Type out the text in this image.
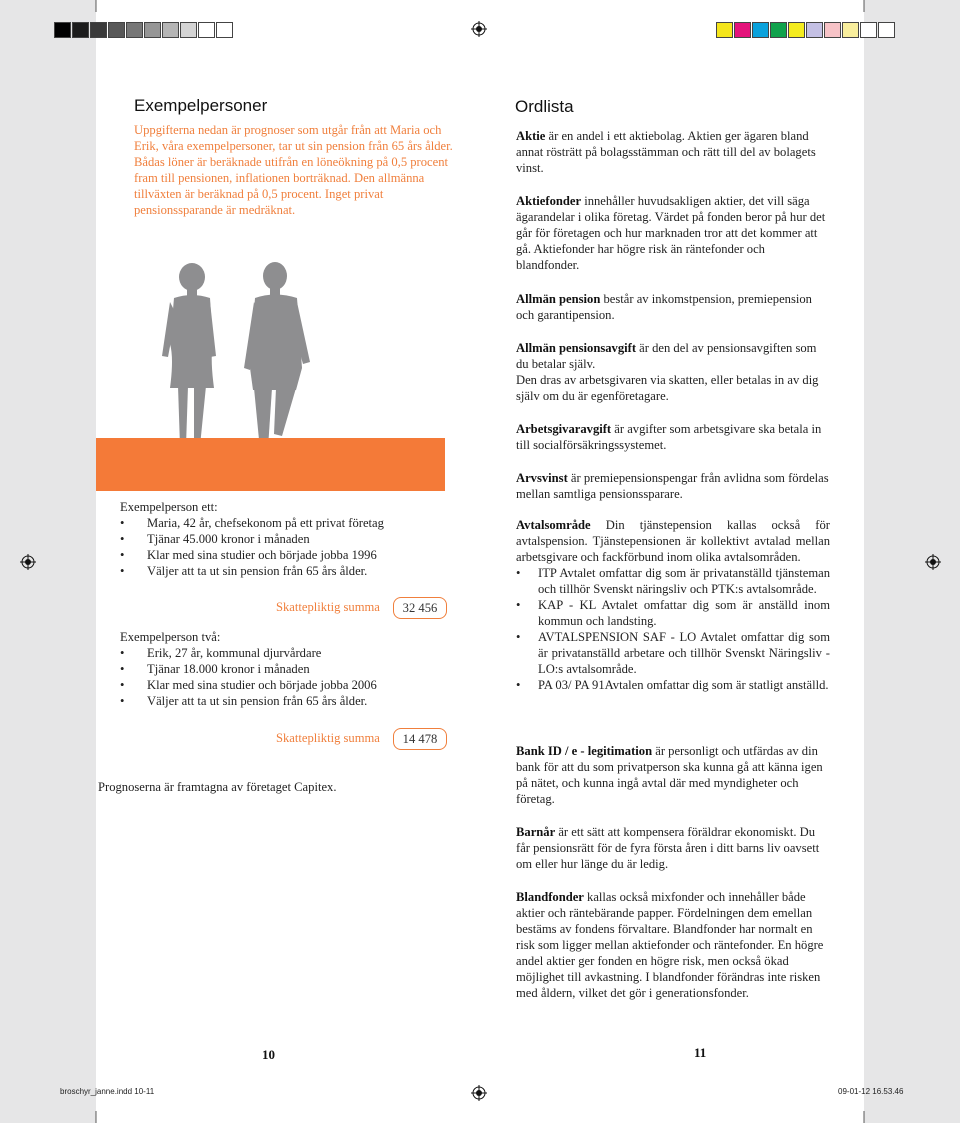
Exempelpersoner

Uppgifterna nedan är prognoser som utgår från att Maria och Erik, våra exempelpersoner, tar ut sin pension från 65 års ålder. Bådas löner är beräknade utifrån en löneökning på 0,5 procent fram till pensionen, inflationen borträknad. Den allmänna tillväxten är beräknad på 0,5 procent. Inget privat pensionssparande är medräknat.

Exempelperson ett:
• Maria, 42 år, chefsekonom på ett privat företag
• Tjänar 45.000 kronor i månaden
• Klar med sina studier och började jobba 1996
• Väljer att ta ut sin pension från 65 års ålder.
Skattepliktig summa	32 456
Exempelperson två:
• Erik, 27 år, kommunal djurvårdare
• Tjänar 18.000 kronor i månaden
• Klar med sina studier och började jobba 2006
• Väljer att ta ut sin pension från 65 års ålder.
Skattepliktig summa	14 478
Prognoserna är framtagna av företaget Capitex.
10
Ordlista
Aktie är en andel i ett aktiebolag. Aktien ger ägaren bland annat rösträtt på bolagsstämman och rätt till del av bolagets vinst.
Aktiefonder innehåller huvudsakligen aktier, det vill säga ägarandelar i olika företag. Värdet på fonden beror på hur det går för företagen och hur marknaden tror att det kommer att gå. Aktiefonder har högre risk än räntefonder och blandfonder.
Allmän pension består av inkomstpension, premiepension och garantipension.
Allmän pensionsavgift är den del av pensionsavgiften som du betalar själv.
Den dras av arbetsgivaren via skatten, eller betalas in av dig själv om du är egenföretagare.
Arbetsgivaravgift är avgifter som arbetsgivare ska betala in till socialförsäkringssystemet.
Arvsvinst är premiepensionspengar från avlidna som fördelas mellan samtliga pensionssparare.
Avtalsområde Din tjänstepension kallas också för avtalspension. Tjänstepensionen är kollektivt avtalad mellan arbetsgivare och fackförbund inom olika avtalsområden.
• ITP Avtalet omfattar dig som är privatanställd tjänsteman och tillhör Svenskt näringsliv och PTK:s avtalsområde.
• KAP - KL Avtalet omfattar dig som är anställd inom kommun och landsting.
• AVTALSPENSION SAF - LO Avtalet omfattar dig som är privatanställd arbetare och tillhör Svenskt Näringsliv - LO:s avtalsområde.
• PA 03/ PA 91Avtalen omfattar dig som är statligt anställd.
Bank ID / e - legitimation är personligt och utfärdas av din bank för att du som privatperson ska kunna gå att känna igen på nätet, och kunna ingå avtal där med myndigheter och företag.
Barnår är ett sätt att kompensera föräldrar ekonomiskt. Du får pensionsrätt för de fyra första åren i ditt barns liv oavsett om eller hur länge du är ledig.
Blandfonder kallas också mixfonder och innehåller både aktier och räntebärande papper. Fördelningen dem emellan bestäms av fondens förvaltare. Blandfonder har normalt en risk som ligger mellan aktiefonder och räntefonder. En högre andel aktier ger fonden en högre risk, men också ökad möjlighet till avkastning. I blandfonder förändras inte risken med åldern, vilket det gör i generationsfonder.
11
broschyr_janne.indd 10-11	09-01-12 16.53.46
